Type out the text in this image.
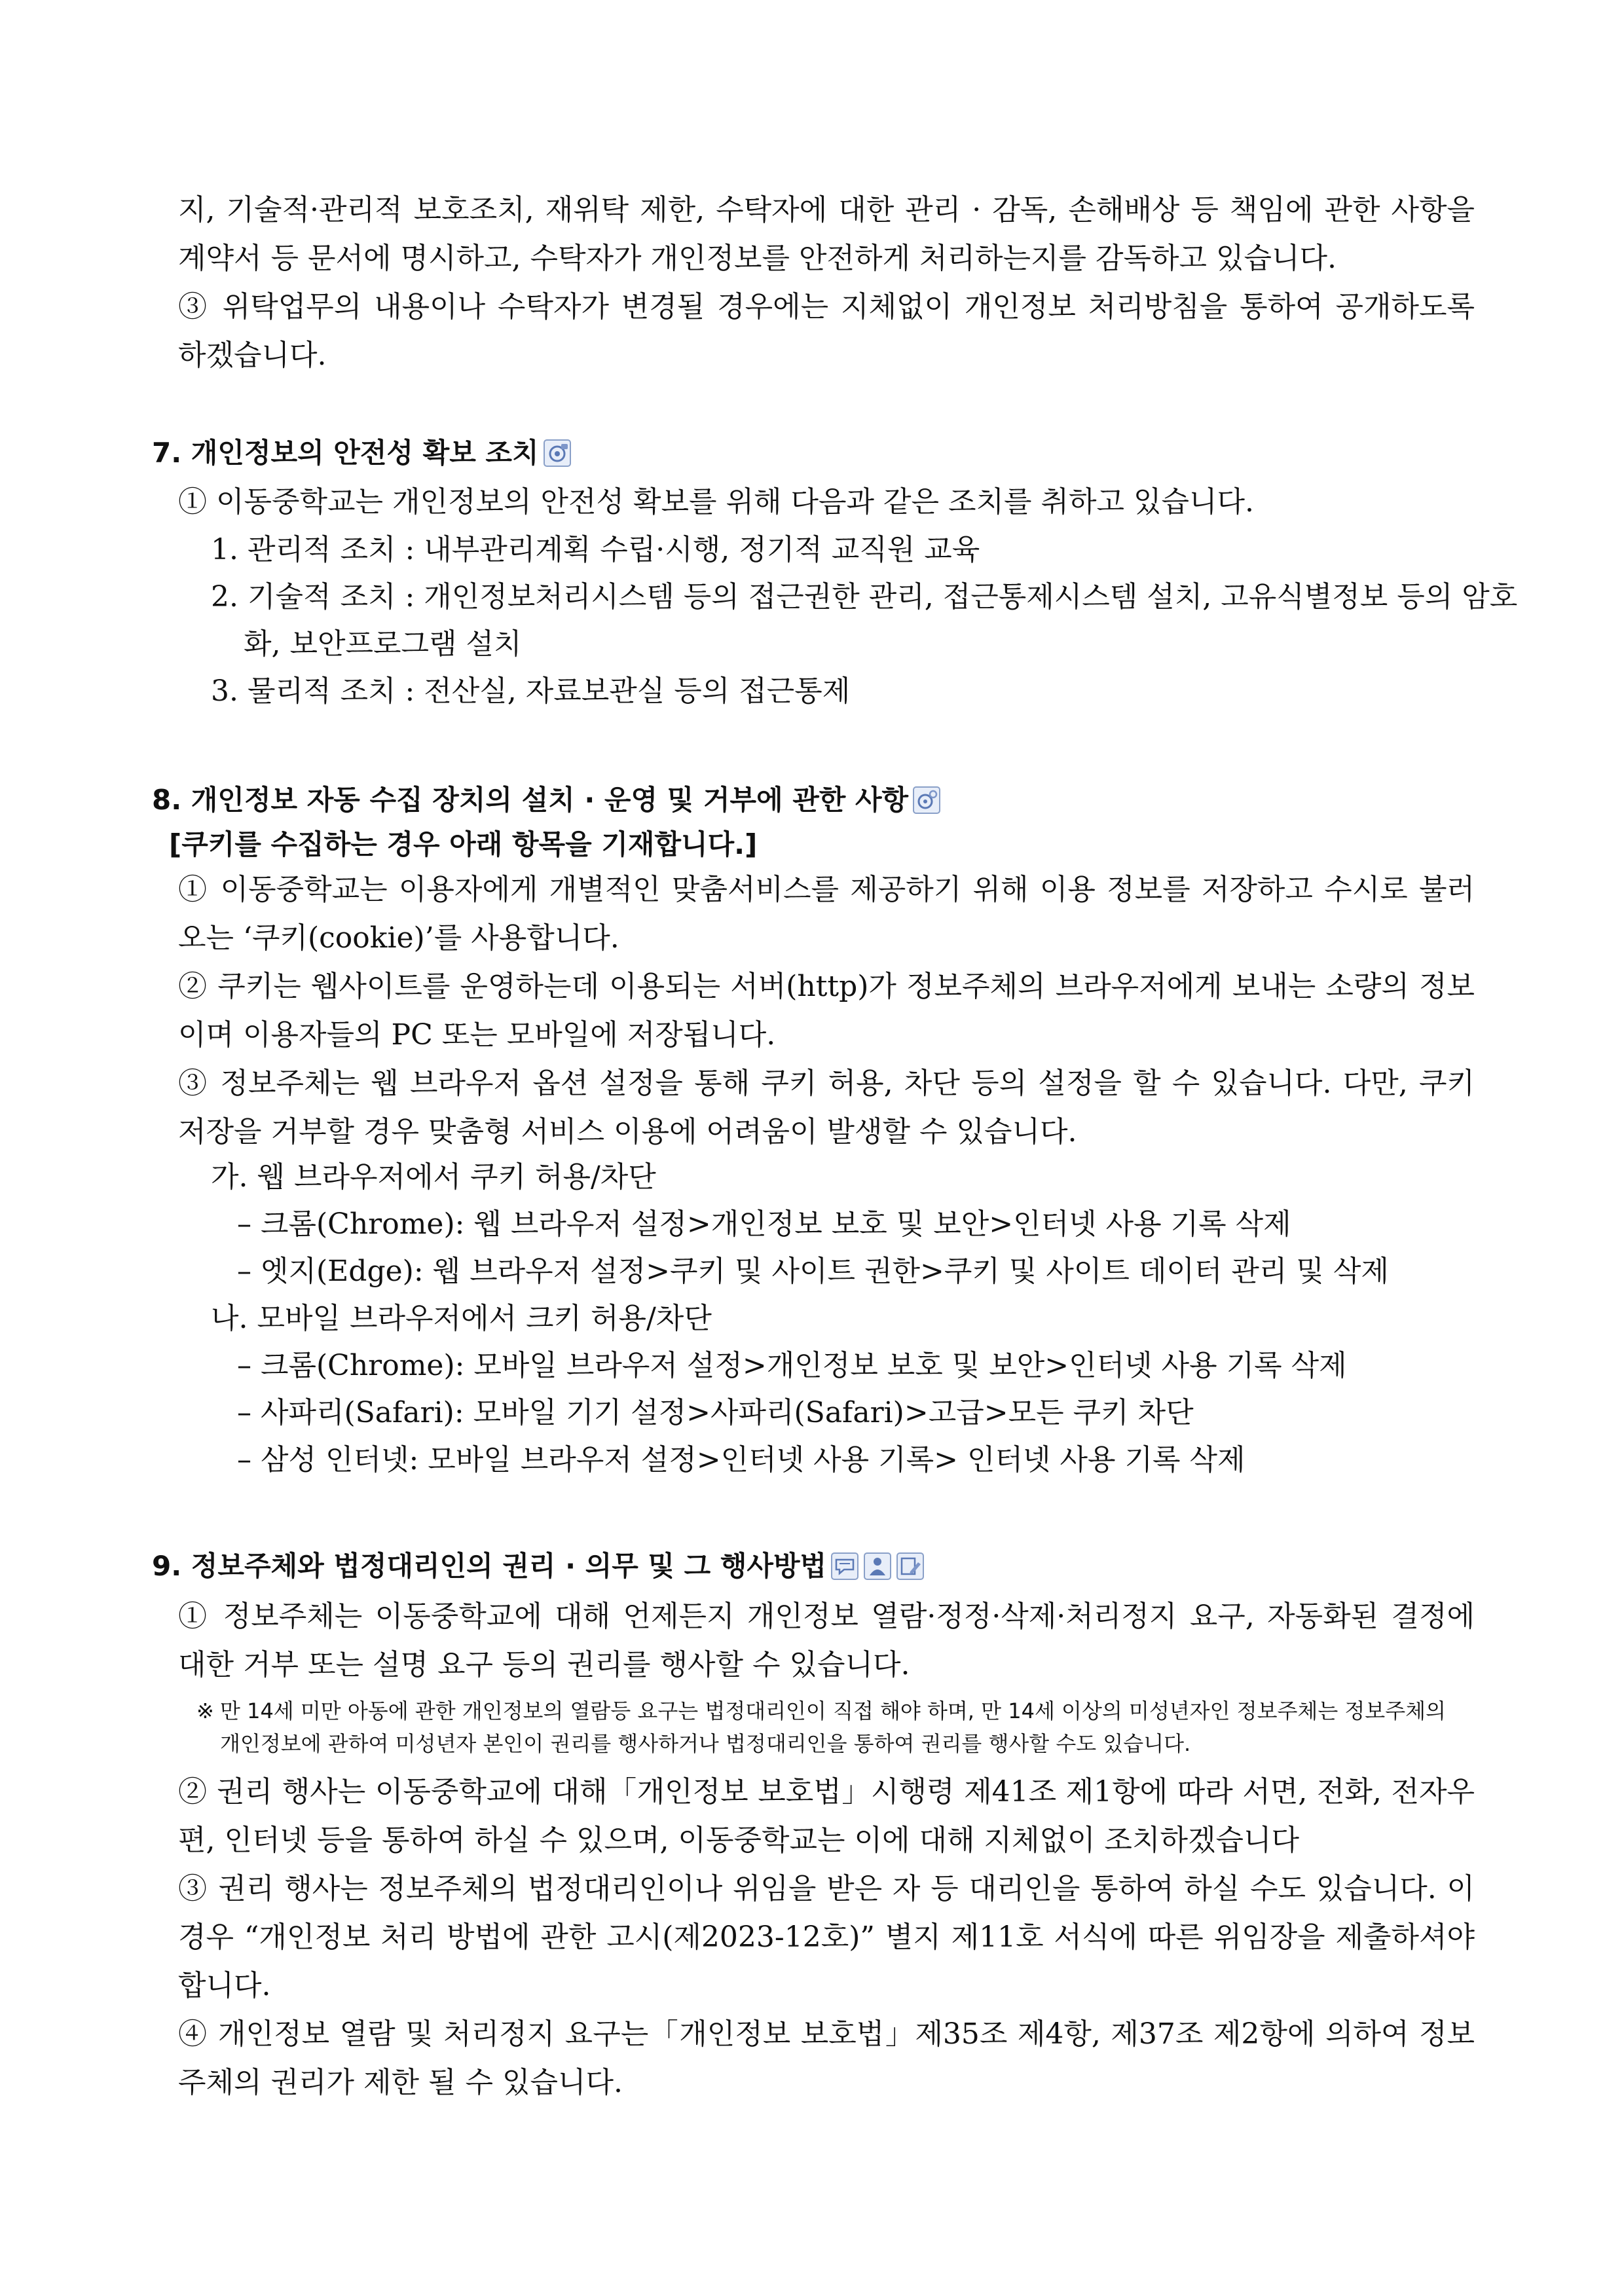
지, 기술적·관리적 보호조치, 재위탁 제한, 수탁자에 대한 관리 · 감독, 손해배상 등 책임에 관한 사항을 계약서 등 문서에 명시하고, 수탁자가 개인정보를 안전하게 처리하는지를 감독하고 있습니다.

③ 위탁업무의 내용이나 수탁자가 변경될 경우에는 지체없이 개인정보 처리방침을 통하여 공개하도록 하겠습니다.

7. 개인정보의 안전성 확보 조치

① 이동중학교는 개인정보의 안전성 확보를 위해 다음과 같은 조치를 취하고 있습니다.

1. 관리적 조치 : 내부관리계획 수립·시행, 정기적 교직원 교육

2. 기술적 조치 : 개인정보처리시스템 등의 접근권한 관리, 접근통제시스템 설치, 고유식별정보 등의 암호

화, 보안프로그램 설치

3. 물리적 조치 : 전산실, 자료보관실 등의 접근통제

8. 개인정보 자동 수집 장치의 설치 · 운영 및 거부에 관한 사항

[쿠키를 수집하는 경우 아래 항목을 기재합니다.]

① 이동중학교는 이용자에게 개별적인 맞춤서비스를 제공하기 위해 이용 정보를 저장하고 수시로 불러오는 ‘쿠키(cookie)’를 사용합니다.

② 쿠키는 웹사이트를 운영하는데 이용되는 서버(http)가 정보주체의 브라우저에게 보내는 소량의 정보이며 이용자들의 PC 또는 모바일에 저장됩니다.

③ 정보주체는 웹 브라우저 옵션 설정을 통해 쿠키 허용, 차단 등의 설정을 할 수 있습니다. 다만, 쿠키 저장을 거부할 경우 맞춤형 서비스 이용에 어려움이 발생할 수 있습니다.

가. 웹 브라우저에서 쿠키 허용/차단

– 크롬(Chrome): 웹 브라우저 설정>개인정보 보호 및 보안>인터넷 사용 기록 삭제

– 엣지(Edge): 웹 브라우저 설정>쿠키 및 사이트 권한>쿠키 및 사이트 데이터 관리 및 삭제

나. 모바일 브라우저에서 크키 허용/차단

– 크롬(Chrome): 모바일 브라우저 설정>개인정보 보호 및 보안>인터넷 사용 기록 삭제

– 사파리(Safari): 모바일 기기 설정>사파리(Safari)>고급>모든 쿠키 차단

– 삼성 인터넷: 모바일 브라우저 설정>인터넷 사용 기록> 인터넷 사용 기록 삭제

9. 정보주체와 법정대리인의 권리 · 의무 및 그 행사방법

① 정보주체는 이동중학교에 대해 언제든지 개인정보 열람·정정·삭제·처리정지 요구, 자동화된 결정에 대한 거부 또는 설명 요구 등의 권리를 행사할 수 있습니다.

※ 만 14세 미만 아동에 관한 개인정보의 열람등 요구는 법정대리인이 직접 해야 하며, 만 14세 이상의 미성년자인 정보주체는 정보주체의
개인정보에 관하여 미성년자 본인이 권리를 행사하거나 법정대리인을 통하여 권리를 행사할 수도 있습니다.

② 권리 행사는 이동중학교에 대해「개인정보 보호법」시행령 제41조 제1항에 따라 서면, 전화, 전자우편, 인터넷 등을 통하여 하실 수 있으며, 이동중학교는 이에 대해 지체없이 조치하겠습니다

③ 권리 행사는 정보주체의 법정대리인이나 위임을 받은 자 등 대리인을 통하여 하실 수도 있습니다. 이 경우 “개인정보 처리 방법에 관한 고시(제2023-12호)” 별지 제11호 서식에 따른 위임장을 제출하셔야 합니다.

④ 개인정보 열람 및 처리정지 요구는「개인정보 보호법」제35조 제4항, 제37조 제2항에 의하여 정보주체의 권리가 제한 될 수 있습니다.
